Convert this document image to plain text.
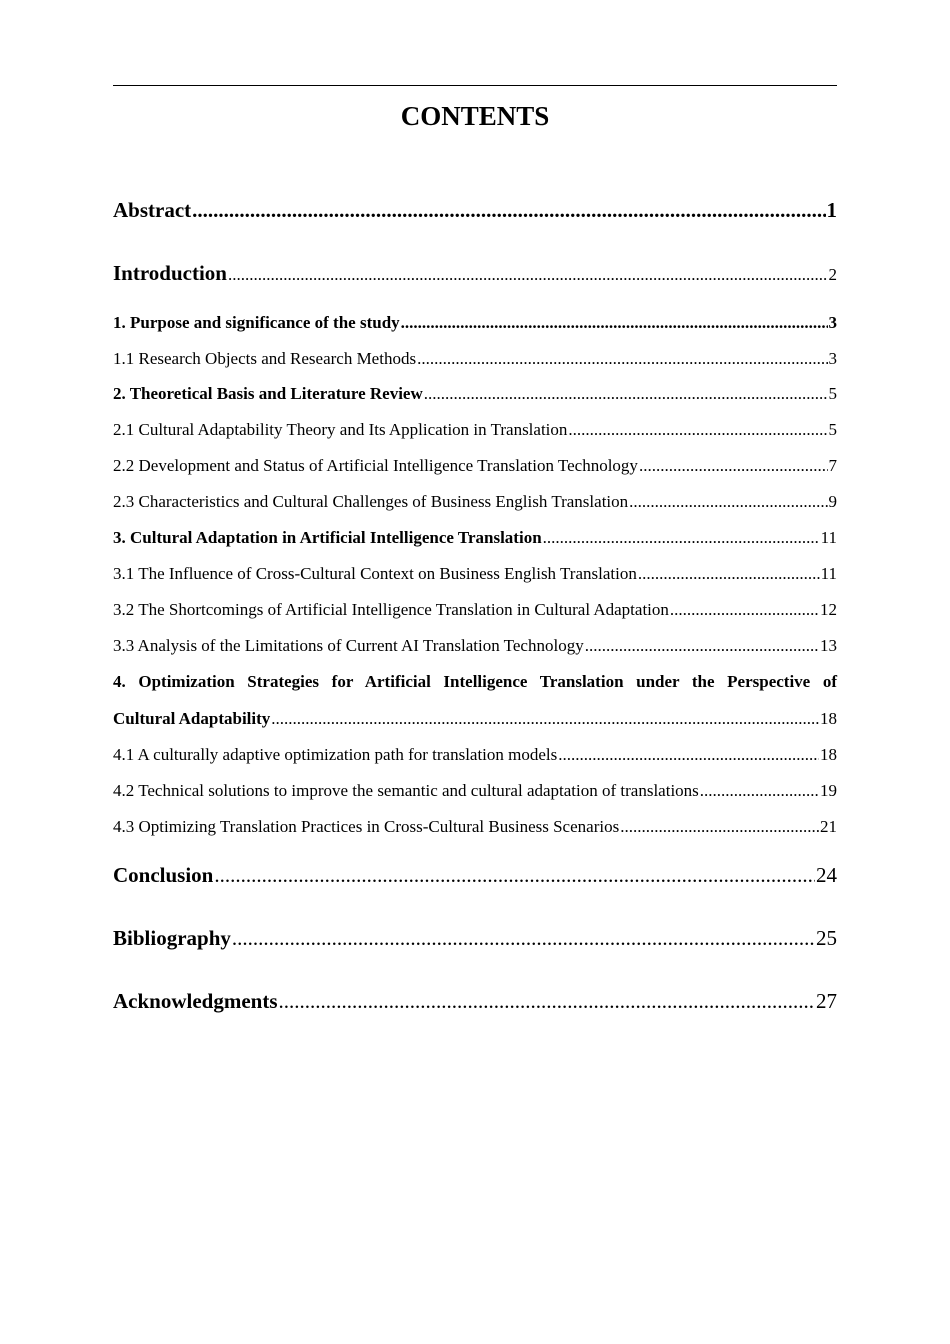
CONTENTS
Abstract .....	1
Introduction .....	2
1. Purpose and significance of the study .....	3
1.1 Research Objects and Research Methods .....	3
2. Theoretical Basis and Literature Review .....	5
2.1 Cultural Adaptability Theory and Its Application in Translation .....	5
2.2 Development and Status of Artificial Intelligence Translation Technology .....	7
2.3 Characteristics and Cultural Challenges of Business English Translation .....	9
3. Cultural Adaptation in Artificial Intelligence Translation .....	11
3.1 The Influence of Cross-Cultural Context on Business English Translation .....	11
3.2 The Shortcomings of Artificial Intelligence Translation in Cultural Adaptation .....	12
3.3 Analysis of the Limitations of Current AI Translation Technology .....	13
4. Optimization Strategies for Artificial Intelligence Translation under the Perspective of
Cultural Adaptability .....	18
4.1 A culturally adaptive optimization path for translation models .....	18
4.2 Technical solutions to improve the semantic and cultural adaptation of translations .....	19
4.3 Optimizing Translation Practices in Cross-Cultural Business Scenarios .....	21
Conclusion .....	24
Bibliography .....	25
Acknowledgments .....	27
